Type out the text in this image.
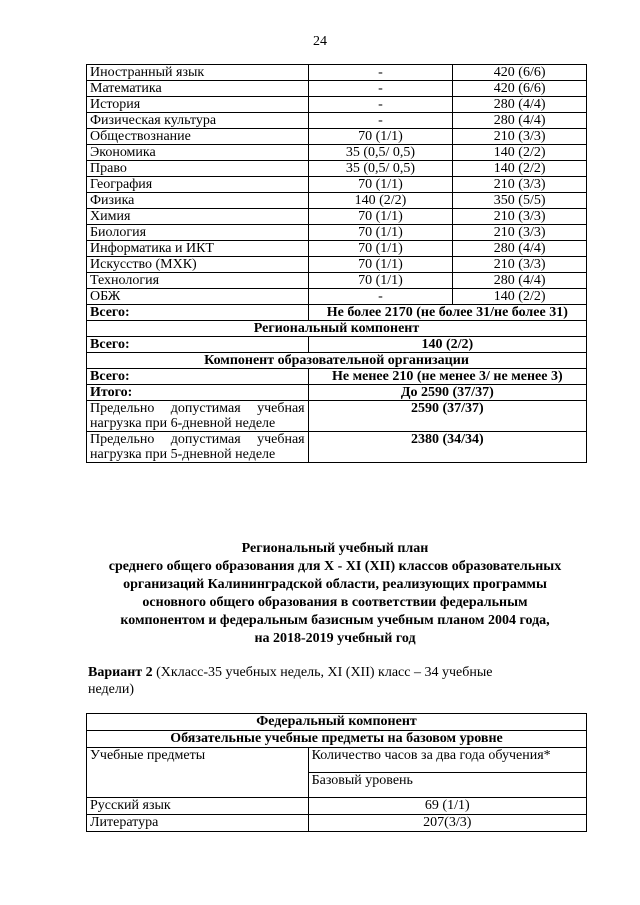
24
Иностранный язык	-	420 (6/6)
Математика	-	420 (6/6)
История	-	280 (4/4)
Физическая культура	-	280 (4/4)
Обществознание	70 (1/1)	210 (3/3)
Экономика	35 (0,5/ 0,5)	140 (2/2)
Право	35 (0,5/ 0,5)	140 (2/2)
География	70 (1/1)	210 (3/3)
Физика	140 (2/2)	350 (5/5)
Химия	70 (1/1)	210 (3/3)
Биология	70 (1/1)	210 (3/3)
Информатика и ИКТ	70 (1/1)	280 (4/4)
Искусство (МХК)	70 (1/1)	210 (3/3)
Технология	70 (1/1)	280 (4/4)
ОБЖ	-	140 (2/2)
Всего:	Не более 2170 (не более 31/не более 31)	
Региональный компонент		
Всего:	140 (2/2)	
Компонент образовательной организации		
Всего:	Не менее 210 (не менее 3/ не менее 3)	
Итого:	До 2590 (37/37)	

Предельно допустимая учебная
нагрузка при 6-дневной неделе	2590 (37/37)	

Предельно допустимая учебная
нагрузка при 5-дневной неделе	2380 (34/34)	
Региональный учебный план
среднего общего образования для X - XI (XII) классов образовательных
организаций Калининградской области, реализующих программы
основного общего образования в соответствии федеральным
компонентом и федеральным базисным учебным планом 2004 года,
на 2018-2019 учебный год
Вариант 2 (Хкласс-35 учебных недель, XI (XII) класс – 34 учебные
недели)
Федеральный компонент	
Обязательные учебные предметы на базовом уровне	
Учебные предметы	Количество часов за два года обучения*
	Базовый уровень
Русский язык	69 (1/1)
Литература	207(3/3)
